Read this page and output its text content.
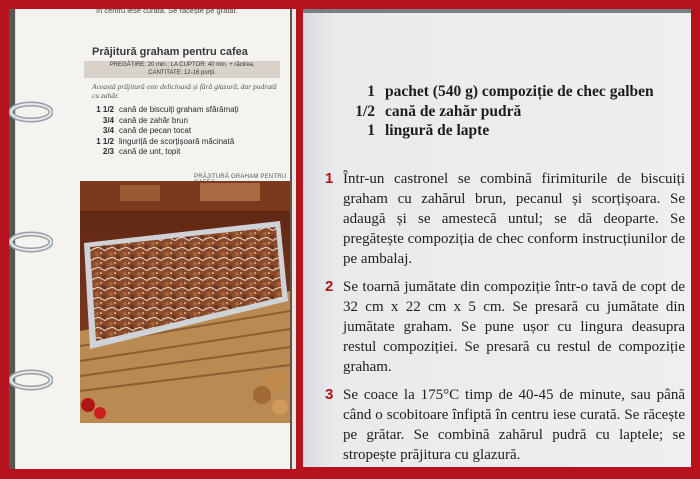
în centru iese curată. Se răcește pe grătar.
Prăjitură graham pentru cafea
PREGĂTIRE: 20 min.; LA CUPTOR: 40 min. + răcirea;
CANTITATE: 12-16 porţii.
Această prăjitură este delicioasă și fără glazură, dar pudrată cu zahăr.
1 1/2 cană de biscuiți graham sfărâmați
3/4 cană de zahăr brun
3/4 cană de pecan tocat
1 1/2 linguriță de scorțișoară măcinată
2/3 cană de unt, topit
PRĂJITURĂ GRAHAM PENTRU
1 pachet (540 g) compoziție de chec galben
1/2 cană de zahăr pudră
1 lingură de lapte
1 Într-un castronel se combină firimiturile de biscuiți graham cu zahărul brun, pecanul și scorțișoara. Se adaugă și se amestecă untul; se dă deoparte. Se pregătește compoziția de chec conform instrucțiunilor de pe ambalaj.
2 Se toarnă jumătate din compoziție într-o tavă de copt de 32 cm x 22 cm x 5 cm. Se presară cu jumătate din jumătate graham. Se pune ușor cu lingura deasupra restul compoziției. Se presară cu restul de compoziție graham.
3 Se coace la 175°C timp de 40-45 de minute, sau până când o scobitoare înfiptă în centru iese curată. Se răcește pe grătar. Se combină zahărul pudră cu laptele; se stropește prăjitura cu glazură.
